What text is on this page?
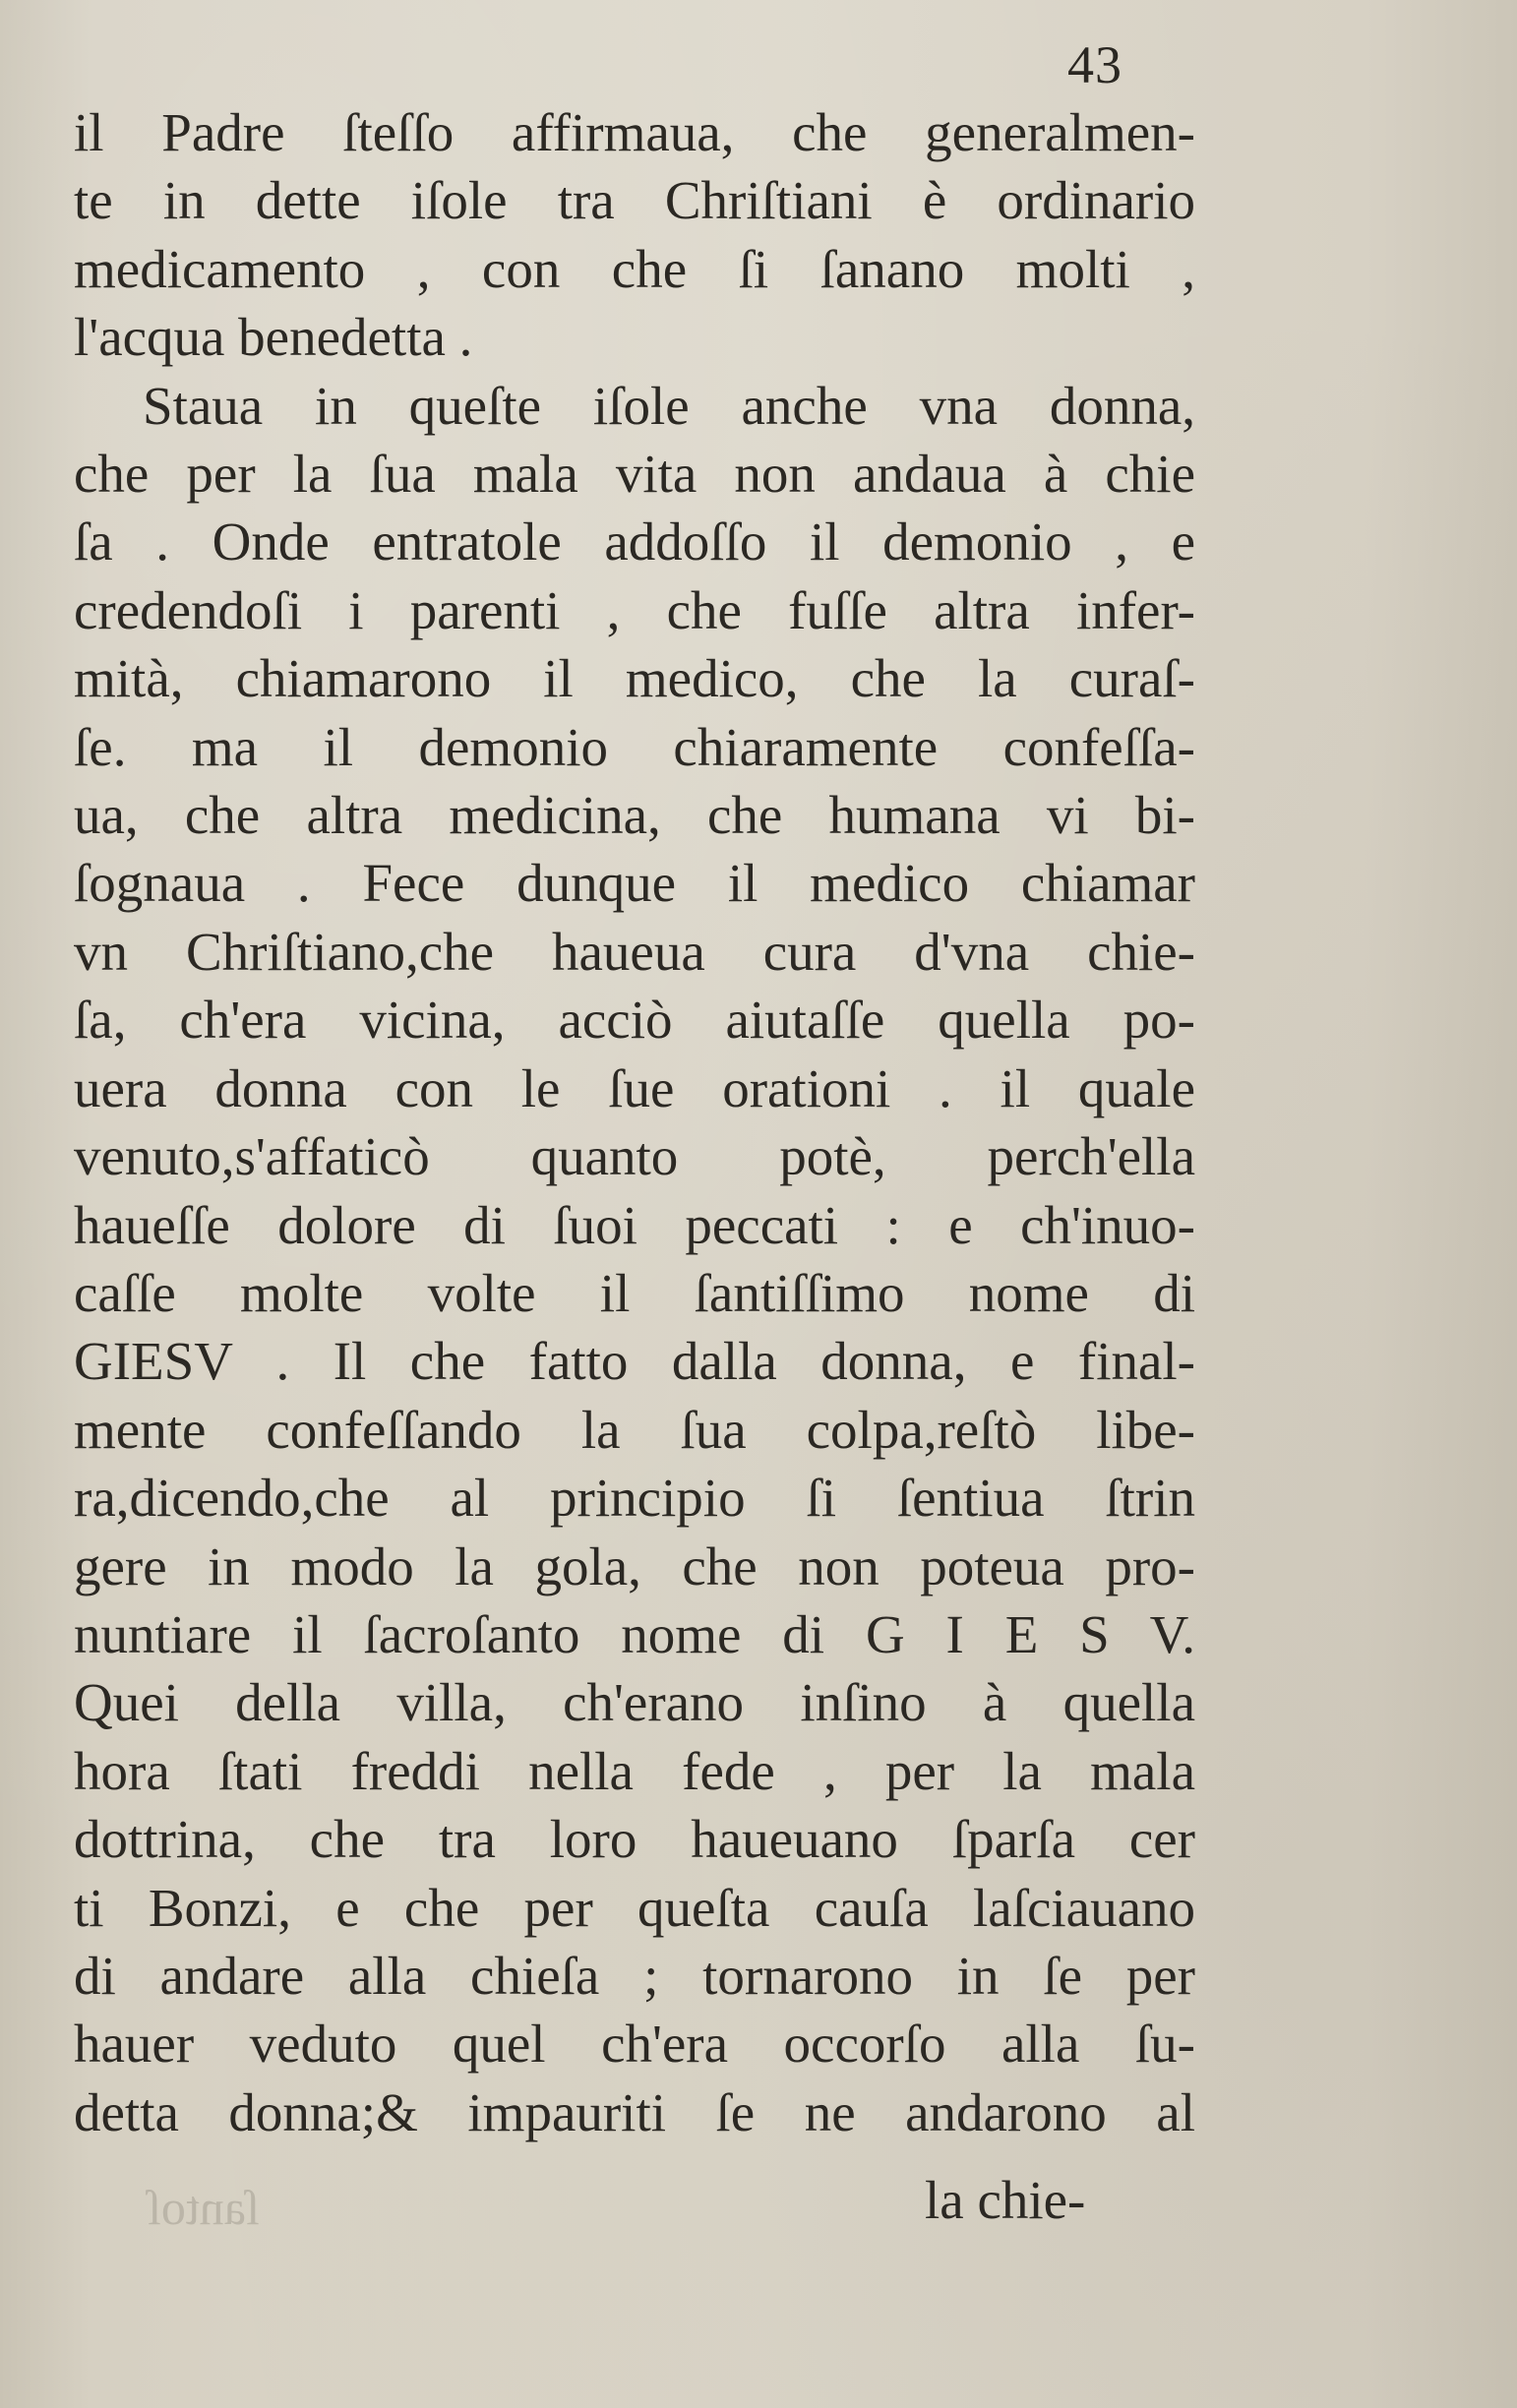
43
il Padre ſteſſo affirmaua, che generalmen-
te in dette iſole tra Chriſtiani è ordinario
medicamento , con che ſi ſanano molti ,
l'acqua benedetta .
Staua in queſte iſole anche vna donna,
che per la ſua mala vita non andaua à chie
ſa . Onde entratole addoſſo il demonio , e
credendoſi i parenti , che fuſſe altra infer-
mità, chiamarono il medico, che la curaſ-
ſe. ma il demonio chiaramente confeſſa-
ua, che altra medicina, che humana vi bi-
ſognaua . Fece dunque il medico chiamar
vn Chriſtiano,che haueua cura d'vna chie-
ſa, ch'era vicina, acciò aiutaſſe quella po-
uera donna con le ſue orationi . il quale
venuto,s'affaticò quanto potè, perch'ella
haueſſe dolore di ſuoi peccati : e ch'inuo-
caſſe molte volte il ſantiſſimo nome di
GIESV . Il che fatto dalla donna, e final-
mente confeſſando la ſua colpa,reſtò libe-
ra,dicendo,che al principio ſi ſentiua ſtrin
gere in modo la gola, che non poteua pro-
nuntiare il ſacroſanto nome di G I E S V.
Quei della villa, ch'erano inſino à quella
hora ſtati freddi nella fede , per la mala
dottrina, che tra loro haueuano ſparſa cer
ti Bonzi, e che per queſta cauſa laſciauano
di andare alla chieſa ; tornarono in ſe per
hauer veduto quel ch'era occorſo alla ſu-
detta donna;& impauriti ſe ne andarono al
ſantoſ	la chie-
